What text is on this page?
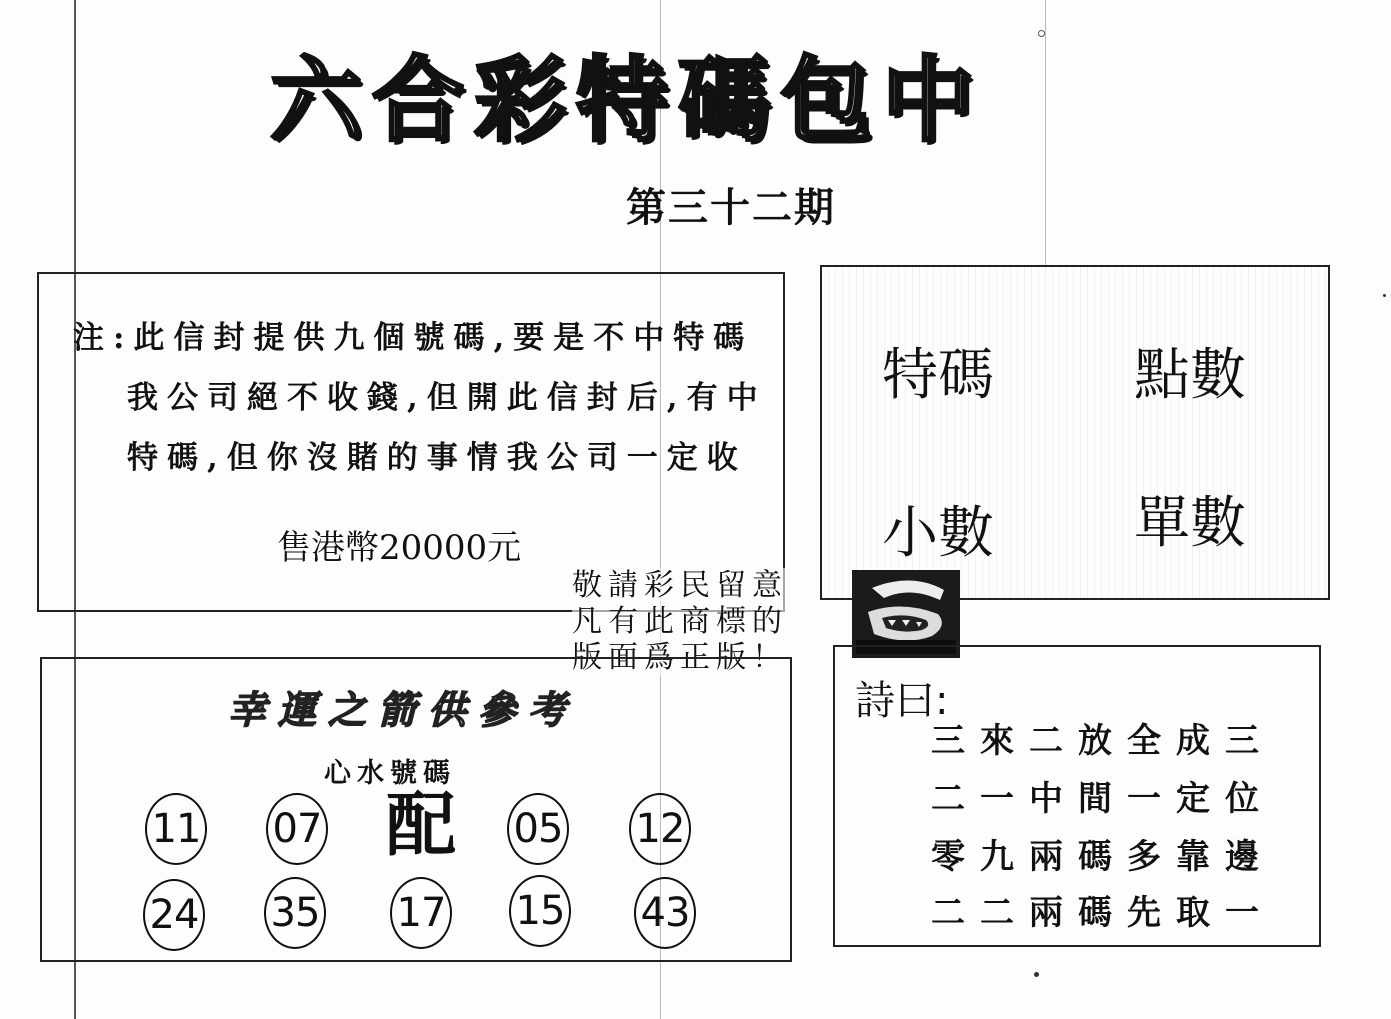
六合彩特碼包中
第三十二期
注:此信封提供九個號碼,要是不中特碼
我公司絕不收錢,但開此信封后,有中
特碼,但你沒賭的事情我公司一定收
售港幣20000元
特碼	點數
小數	單數
敬請彩民留意
凡有此商標的
版面爲正版！
幸運之箭供參考
心水號碼
11 07 配 05 12
24 35 17 15 43
詩曰:
三來二放全成三
二一中間一定位
零九兩碼多靠邊
二二兩碼先取一
